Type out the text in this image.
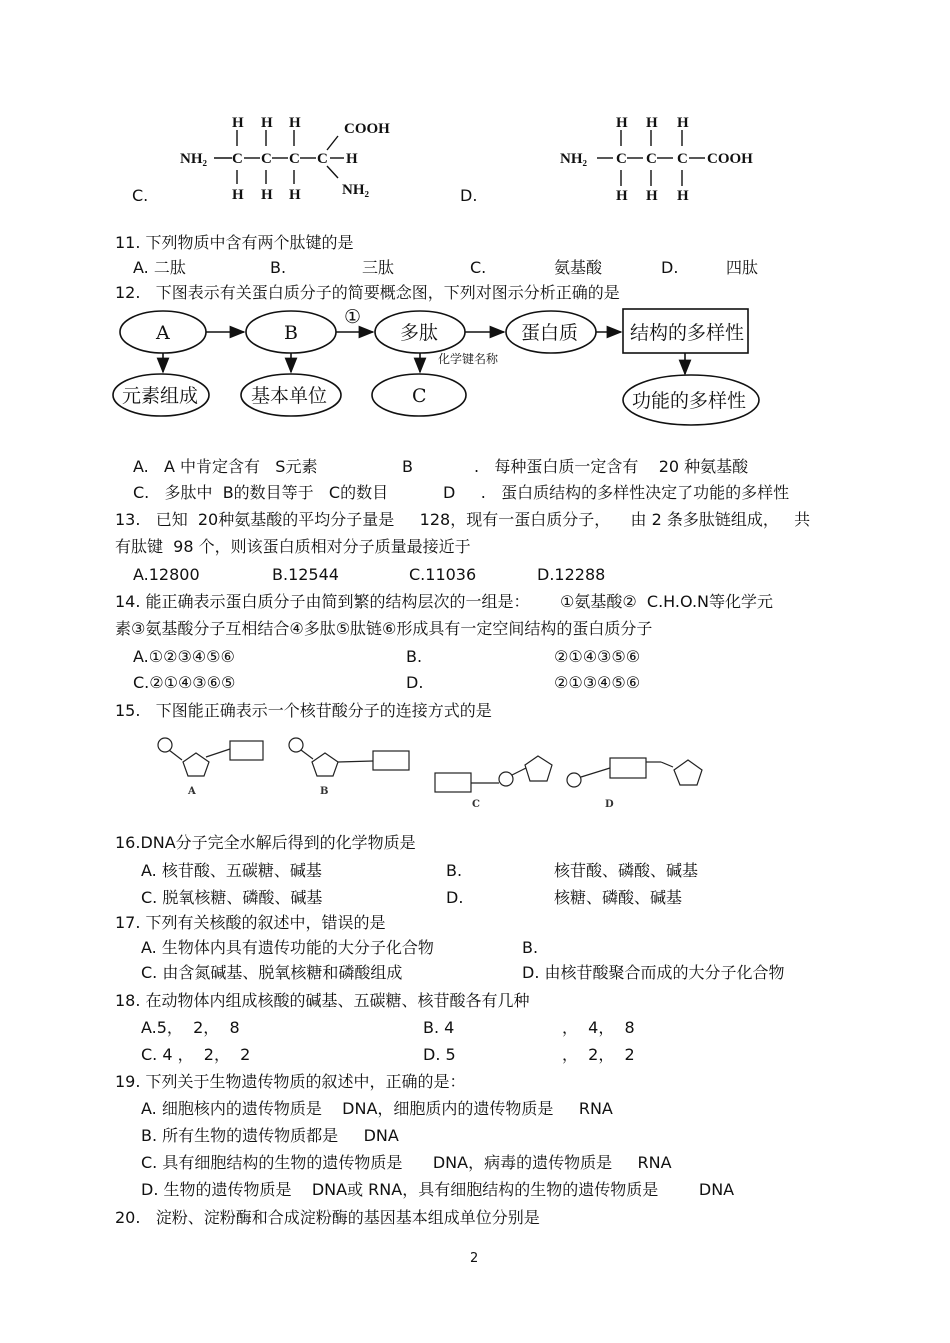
C.
H H H
NH₂ C C C C
COOH
H
NH₂
H H H	D.
H H H
NH₂ C C C COOH
H H H
11. 下列物质中含有两个肽键的是
A. 二肽	B.	三肽	C.	氨基酸	D.	四肽
12.   下图表示有关蛋白质分子的简要概念图，下列对图示分析正确的是
A	B
①
多肽	蛋白质	结构的多样性
化学键名称
元素组成	基本单位	C	功能的多样性
A.   A 中肯定含有   S元素	B            .   每种蛋白质一定含有    20 种氨基酸
C.   多肽中  B的数目等于   C的数目	D     .   蛋白质结构的多样性决定了功能的多样性
13.   已知  20种氨基酸的平均分子量是     128，现有一蛋白质分子，    由 2 条多肽链组成，   共
有肽键  98 个，则该蛋白质相对分子质量最接近于
A.12800	B.12544	C.11036	D.12288
14. 能正确表示蛋白质分子由简到繁的结构层次的一组是：      ①氨基酸②  C.H.O.N等化学元
素③氨基酸分子互相结合④多肽⑤肽链⑥形成具有一定空间结构的蛋白质分子
A.①②③④⑤⑥	B.	②①④③⑤⑥
C.②①④③⑥⑤	D.	②①③④⑤⑥
15.   下图能正确表示一个核苷酸分子的连接方式的是
A	B
C	D
16.DNA分子完全水解后得到的化学物质是
A. 核苷酸、五碳糖、碱基	B.	核苷酸、磷酸、碱基
C. 脱氧核糖、磷酸、碱基	D.	核糖、磷酸、碱基
17. 下列有关核酸的叙述中，错误的是
A. 生物体内具有遗传功能的大分子化合物	B.
C. 由含氮碱基、脱氧核糖和磷酸组成	D. 由核苷酸聚合而成的大分子化合物
18. 在动物体内组成核酸的碱基、五碳糖、核苷酸各有几种
A.5，  2，  8	B. 4	，  4，  8
C. 4 ，  2，  2	D. 5	，  2，  2
19. 下列关于生物遗传物质的叙述中，正确的是：
A. 细胞核内的遗传物质是    DNA，细胞质内的遗传物质是     RNA
B. 所有生物的遗传物质都是     DNA
C. 具有细胞结构的生物的遗传物质是      DNA，病毒的遗传物质是     RNA
D. 生物的遗传物质是    DNA或 RNA，具有细胞结构的生物的遗传物质是        DNA
20.   淀粉、淀粉酶和合成淀粉酶的基因基本组成单位分别是
2
